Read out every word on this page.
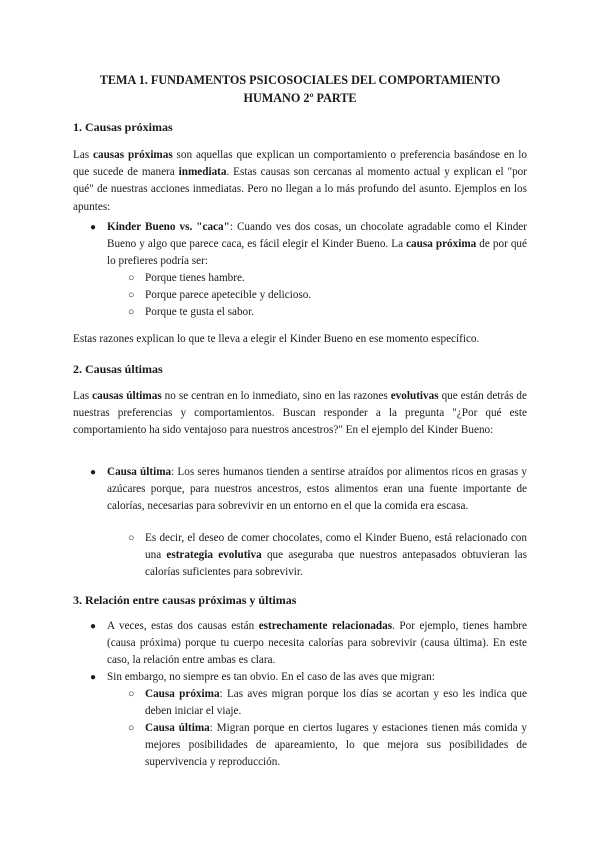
TEMA 1. FUNDAMENTOS PSICOSOCIALES DEL COMPORTAMIENTO
HUMANO 2º PARTE
1. Causas próximas
Las causas próximas son aquellas que explican un comportamiento o preferencia basándose en lo que sucede de manera inmediata. Estas causas son cercanas al momento actual y explican el "por qué" de nuestras acciones inmediatas. Pero no llegan a lo más profundo del asunto. Ejemplos en los apuntes:
● Kinder Bueno vs. "caca": Cuando ves dos cosas, un chocolate agradable como el Kinder Bueno y algo que parece caca, es fácil elegir el Kinder Bueno. La causa próxima de por qué lo prefieres podría ser:
○ Porque tienes hambre.
○ Porque parece apetecible y delicioso.
○ Porque te gusta el sabor.
Estas razones explican lo que te lleva a elegir el Kinder Bueno en ese momento específico.
2. Causas últimas
Las causas últimas no se centran en lo inmediato, sino en las razones evolutivas que están detrás de nuestras preferencias y comportamientos. Buscan responder a la pregunta "¿Por qué este comportamiento ha sido ventajoso para nuestros ancestros?" En el ejemplo del Kinder Bueno:
● Causa última: Los seres humanos tienden a sentirse atraídos por alimentos ricos en grasas y azúcares porque, para nuestros ancestros, estos alimentos eran una fuente importante de calorías, necesarias para sobrevivir en un entorno en el que la comida era escasa.
○ Es decir, el deseo de comer chocolates, como el Kinder Bueno, está relacionado con una estrategia evolutiva que aseguraba que nuestros antepasados obtuvieran las calorías suficientes para sobrevivir.
3. Relación entre causas próximas y últimas
● A veces, estas dos causas están estrechamente relacionadas. Por ejemplo, tienes hambre (causa próxima) porque tu cuerpo necesita calorías para sobrevivir (causa última). En este caso, la relación entre ambas es clara.
● Sin embargo, no siempre es tan obvio. En el caso de las aves que migran:
○ Causa próxima: Las aves migran porque los días se acortan y eso les indica que deben iniciar el viaje.
○ Causa última: Migran porque en ciertos lugares y estaciones tienen más comida y mejores posibilidades de apareamiento, lo que mejora sus posibilidades de supervivencia y reproducción.
